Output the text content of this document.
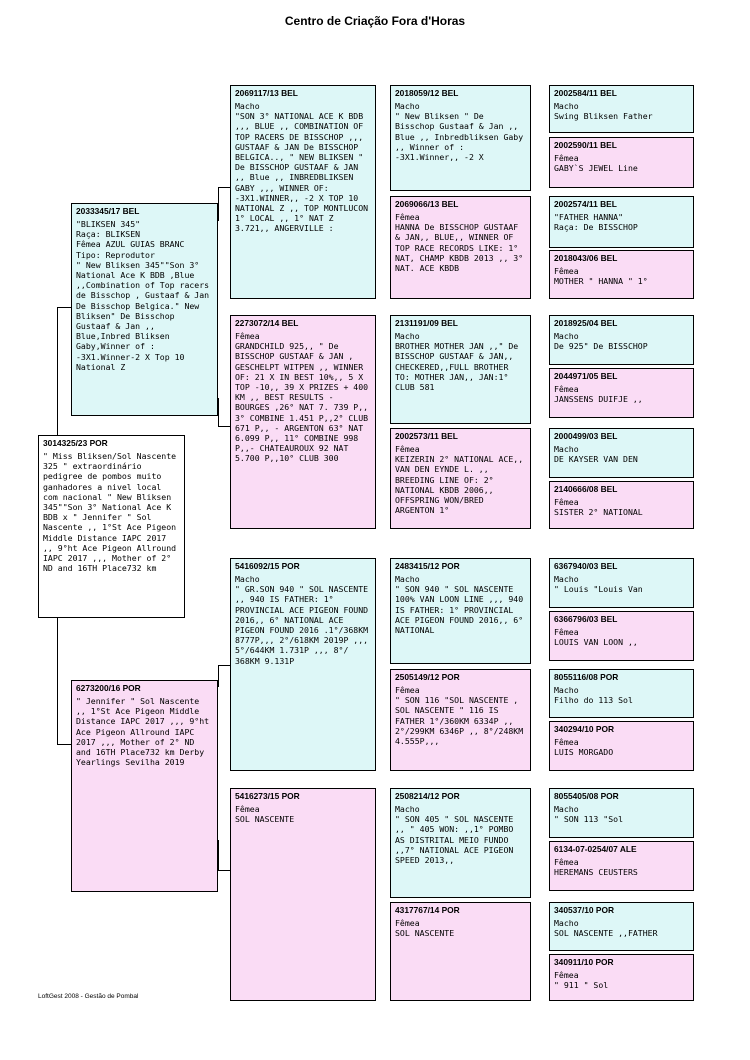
Centro de Criação Fora d'Horas
3014325/23 POR
" Miss Bliksen/Sol Nascente 325 " extraordinário pedigree de pombos muito ganhadores a nivel local com nacional " New Bliksen 345""Son 3° National Ace K BDB x " Jennifer " Sol Nascente ,, 1°St Ace Pigeon Middle Distance IAPC 2017 ,, 9°ht Ace Pigeon Allround IAPC 2017 ,,, Mother of 2° ND and 16TH Place732 km
2033345/17 BEL
"BLIKSEN 345"
Raça: BLIKSEN
Fêmea AZUL GUIAS BRANC
Tipo: Reprodutor
" New Bliksen 345""Son 3° National Ace K BDB ,Blue ,,Combination of Top racers de Bisschop , Gustaaf & Jan De Bisschop Belgica." New Bliksen" De Bisschop Gustaaf & Jan ,, Blue,Inbred Bliksen Gaby,Winner of : -3X1.Winner-2 X Top 10 National Z
6273200/16 POR
" Jennifer " Sol Nascente ,, 1°St Ace Pigeon Middle Distance IAPC 2017 ,,, 9°ht Ace Pigeon Allround IAPC 2017 ,,, Mother of 2° ND and 16TH Place732 km Derby Yearlings Sevilha 2019
2069117/13 BEL
Macho
"SON 3° NATIONAL ACE K BDB ,,, BLUE ,, COMBINATION OF TOP RACERS DE BISSCHOP ,,, GUSTAAF & JAN De BISSCHOP BELGICA.., " NEW BLIKSEN " De BISSCHOP GUSTAAF & JAN ,, Blue ,, INBREDBLIKSEN GABY ,,, WINNER OF: -3X1.WINNER,, -2 X TOP 10 NATIONAL Z ,, TOP MONTLUCON 1° LOCAL ,, 1° NAT Z 3.721,, ANGERVILLE :
2273072/14 BEL
Fêmea
GRANDCHILD 925,, " De BISSCHOP GUSTAAF & JAN , GESCHELPT WITPEN ,, WINNER OF: 21 X IN BEST 10%,, 5 X TOP -10,, 39 X PRIZES + 400 KM ,, BEST RESULTS - BOURGES ,26° NAT 7. 739 P,, 3° COMBINE 1.451 P,,2° CLUB 671 P,, - ARGENTON 63° NAT 6.099 P,, 11° COMBINE 998 P,,- CHATEAUROUX 92 NAT 5.700 P,,10° CLUB 300
5416092/15 POR
Macho
" GR.SON 940 " SOL NASCENTE ,, 940 IS FATHER: 1° PROVINCIAL ACE PIGEON FOUND 2016,, 6° NATIONAL ACE PIGEON FOUND 2016 .1°/368KM 8777P,,, 2°/618KM 2019P ,,, 5°/644KM 1.731P ,,, 8°/ 368KM 9.131P
5416273/15 POR
Fêmea
SOL NASCENTE
2018059/12 BEL
Macho
" New Bliksen " De Bisschop Gustaaf & Jan ,, Blue ,, Inbredbliksen Gaby ,, Winner of : -3X1.Winner,, -2 X
2069066/13 BEL
Fêmea
HANNA De BISSCHOP GUSTAAF & JAN,, BLUE,, WINNER OF TOP RACE RECORDS LIKE: 1° NAT, CHAMP KBDB 2013 ,, 3° NAT. ACE KBDB
2131191/09 BEL
Macho
BROTHER MOTHER JAN ,," De BISSCHOP GUSTAAF & JAN,, CHECKERED,,FULL BROTHER TO: MOTHER JAN,, JAN:1° CLUB 581
2002573/11 BEL
Fêmea
KEIZERIN 2° NATIONAL ACE,, VAN DEN EYNDE L. ,, BREEDING LINE OF: 2° NATIONAL KBDB 2006,, OFFSPRING WON/BRED ARGENTON 1°
2483415/12 POR
Macho
" SON 940 " SOL NASCENTE 100% VAN LOON LINE ,,, 940 IS FATHER: 1° PROVINCIAL ACE PIGEON FOUND 2016,, 6° NATIONAL
2505149/12 POR
Fêmea
" SON 116 "SOL NASCENTE , SOL NASCENTE " 116 IS FATHER 1°/360KM 6334P ,, 2°/299KM 6346P ,, 8°/248KM 4.555P,,,
2508214/12 POR
Macho
" SON 405 " SOL NASCENTE ,, " 405 WON: ,,1° POMBO AS DISTRITAL MEIO FUNDO ,,7° NATIONAL ACE PIGEON SPEED 2013,,
4317767/14 POR
Fêmea
SOL NASCENTE
2002584/11 BEL
Macho
Swing Bliksen Father
2002590/11 BEL
Fêmea
GABY`S JEWEL Line
2002574/11 BEL
"FATHER HANNA"
Raça: De BISSCHOP
2018043/06 BEL
Fêmea
MOTHER " HANNA " 1°
2018925/04 BEL
Macho
De 925" De BISSCHOP
2044971/05 BEL
Fêmea
JANSSENS DUIFJE ,,
2000499/03 BEL
Macho
DE KAYSER VAN DEN
2140666/08 BEL
Fêmea
SISTER 2° NATIONAL
6367940/03 BEL
Macho
" Louis "Louis Van
6366796/03 BEL
Fêmea
LOUIS VAN LOON ,,
8055116/08 POR
Macho
Filho do 113 Sol
340294/10 POR
Fêmea
LUIS MORGADO
8055405/08 POR
Macho
" SON 113 "Sol
6134-07-0254/07 ALE
Fêmea
HEREMANS CEUSTERS
340537/10 POR
Macho
SOL NASCENTE ,,FATHER
340911/10 POR
Fêmea
" 911 " Sol
LoftGest 2008 - Gestão de Pombal
